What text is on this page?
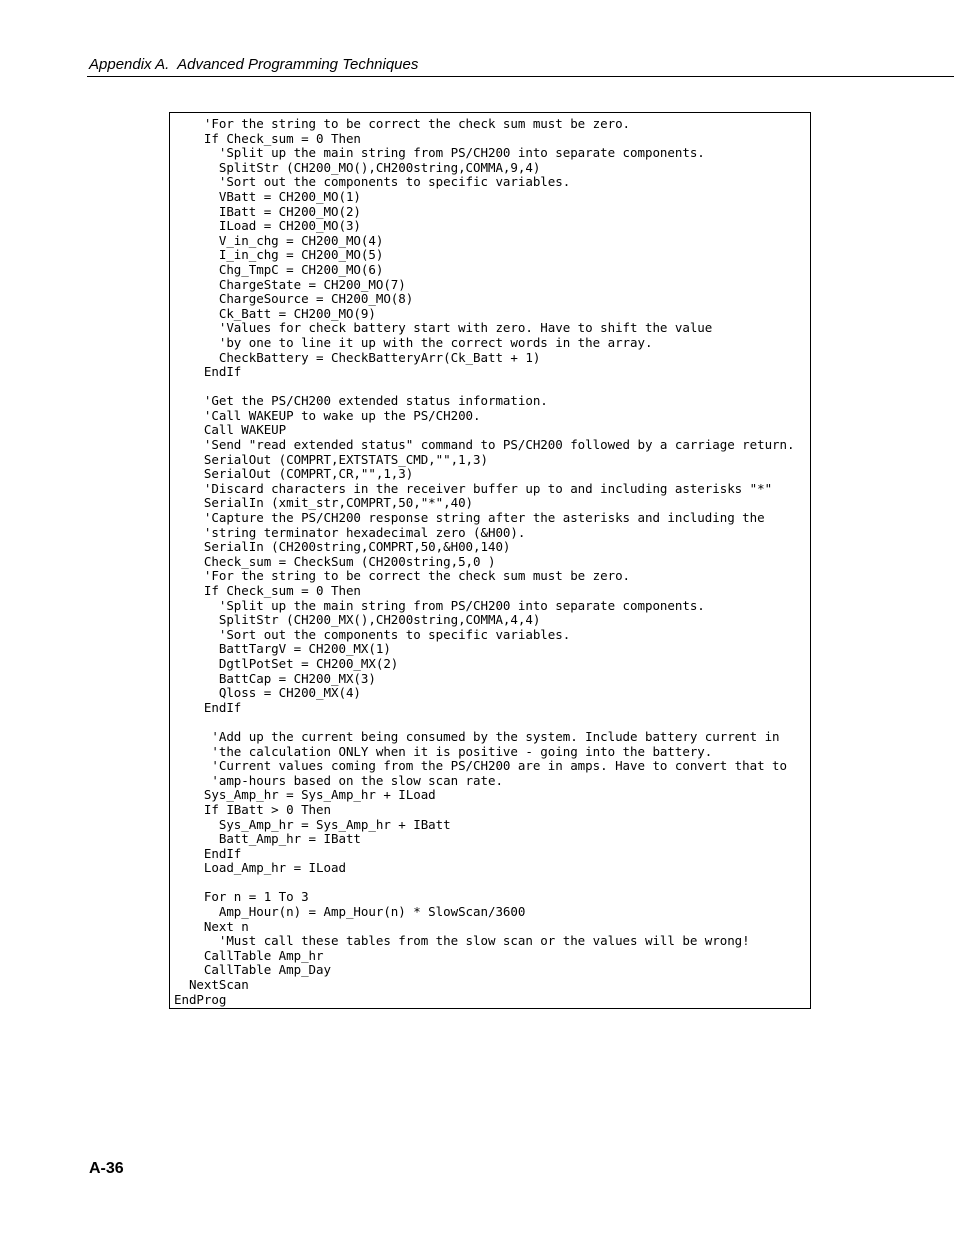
Appendix A.  Advanced Programming Techniques
'For the string to be correct the check sum must be zero.
If Check_sum = 0 Then
'Split up the main string from PS/CH200 into separate components.
SplitStr (CH200_MO(),CH200string,COMMA,9,4)
'Sort out the components to specific variables.
VBatt = CH200_MO(1)
IBatt = CH200_MO(2)
ILoad = CH200_MO(3)
V_in_chg = CH200_MO(4)
I_in_chg = CH200_MO(5)
Chg_TmpC = CH200_MO(6)
ChargeState = CH200_MO(7)
ChargeSource = CH200_MO(8)
Ck_Batt = CH200_MO(9)
'Values for check battery start with zero. Have to shift the value
'by one to line it up with the correct words in the array.
CheckBattery = CheckBatteryArr(Ck_Batt + 1)
EndIf
'Get the PS/CH200 extended status information.
'Call WAKEUP to wake up the PS/CH200.
Call WAKEUP
'Send "read extended status" command to PS/CH200 followed by a carriage return.
SerialOut (COMPRT,EXTSTATS_CMD,"",1,3)
SerialOut (COMPRT,CR,"",1,3)
'Discard characters in the receiver buffer up to and including asterisks "*"
SerialIn (xmit_str,COMPRT,50,"*",40)
'Capture the PS/CH200 response string after the asterisks and including the
'string terminator hexadecimal zero (&H00).
SerialIn (CH200string,COMPRT,50,&H00,140)
Check_sum = CheckSum (CH200string,5,0 )
'For the string to be correct the check sum must be zero.
If Check_sum = 0 Then
'Split up the main string from PS/CH200 into separate components.
SplitStr (CH200_MX(),CH200string,COMMA,4,4)
'Sort out the components to specific variables.
BattTargV = CH200_MX(1)
DgtlPotSet = CH200_MX(2)
BattCap = CH200_MX(3)
Qloss = CH200_MX(4)
EndIf
'Add up the current being consumed by the system. Include battery current in
'the calculation ONLY when it is positive - going into the battery.
'Current values coming from the PS/CH200 are in amps. Have to convert that to
'amp-hours based on the slow scan rate.
Sys_Amp_hr = Sys_Amp_hr + ILoad
If IBatt > 0 Then
Sys_Amp_hr = Sys_Amp_hr + IBatt
Batt_Amp_hr = IBatt
EndIf
Load_Amp_hr = ILoad
For n = 1 To 3
Amp_Hour(n) = Amp_Hour(n) * SlowScan/3600
Next n
'Must call these tables from the slow scan or the values will be wrong!
CallTable Amp_hr
CallTable Amp_Day
NextScan
EndProg
A-36
